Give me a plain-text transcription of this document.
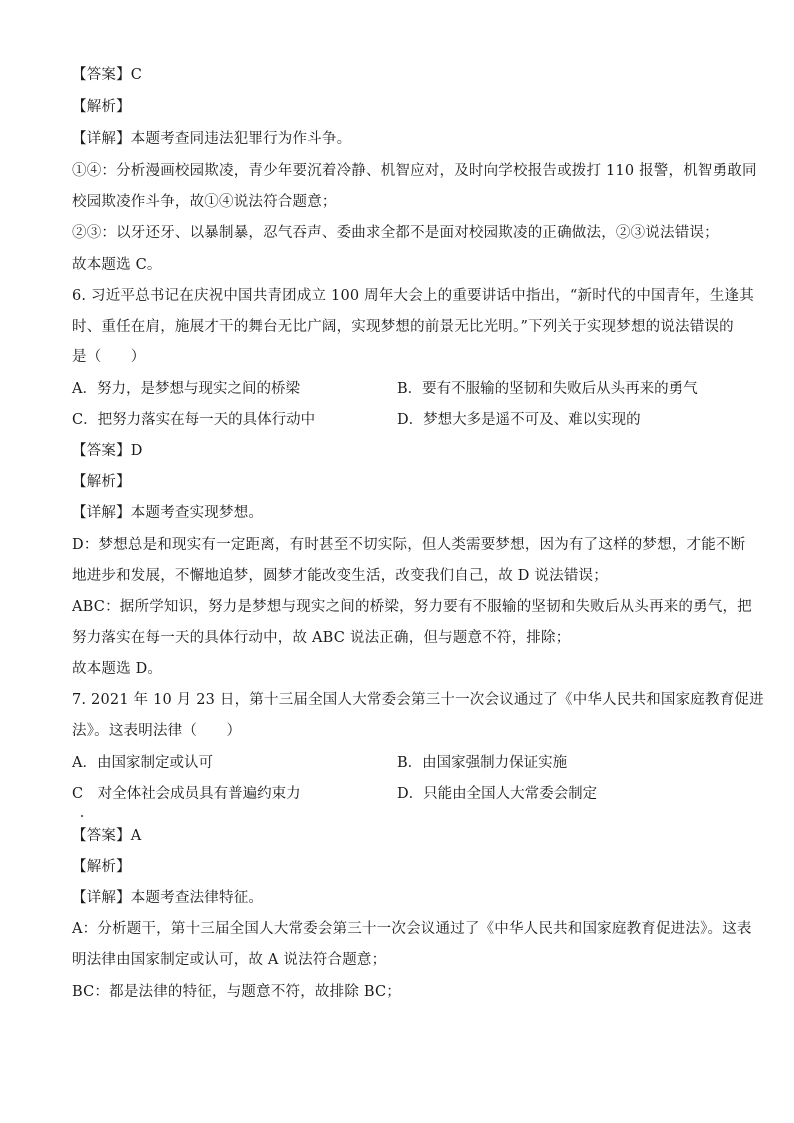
【答案】C
【解析】
【详解】本题考查同违法犯罪行为作斗争。
①④：分析漫画校园欺凌，青少年要沉着冷静、机智应对，及时向学校报告或拨打 110 报警，机智勇敢同
校园欺凌作斗争，故①④说法符合题意；
②③：以牙还牙、以暴制暴，忍气吞声、委曲求全都不是面对校园欺凌的正确做法，②③说法错误；
故本题选 C。
6. 习近平总书记在庆祝中国共青团成立 100 周年大会上的重要讲话中指出，“新时代的中国青年，生逢其
时、重任在肩，施展才干的舞台无比广阔，实现梦想的前景无比光明。”下列关于实现梦想的说法错误的
是（　　）
A．努力，是梦想与现实之间的桥梁	B．要有不服输的坚韧和失败后从头再来的勇气
C．把努力落实在每一天的具体行动中	D．梦想大多是遥不可及、难以实现的
【答案】D
【解析】
【详解】本题考查实现梦想。
D：梦想总是和现实有一定距离，有时甚至不切实际，但人类需要梦想，因为有了这样的梦想，才能不断
地进步和发展，不懈地追梦，圆梦才能改变生活，改变我们自己，故 D 说法错误；
ABC：据所学知识，努力是梦想与现实之间的桥梁，努力要有不服输的坚韧和失败后从头再来的勇气，把
努力落实在每一天的具体行动中，故 ABC 说法正确，但与题意不符，排除；
故本题选 D。
7. 2021 年 10 月 23 日，第十三届全国人大常委会第三十一次会议通过了《中华人民共和国家庭教育促进
法》。这表明法律（　　）
A．由国家制定或认可	B．由国家强制力保证实施
C　对全体社会成员具有普遍约束力	D．只能由全国人大常委会制定
【答案】A
【解析】
【详解】本题考查法律特征。
A：分析题干，第十三届全国人大常委会第三十一次会议通过了《中华人民共和国家庭教育促进法》。这表
明法律由国家制定或认可，故 A 说法符合题意；
BC：都是法律的特征，与题意不符，故排除 BC；
